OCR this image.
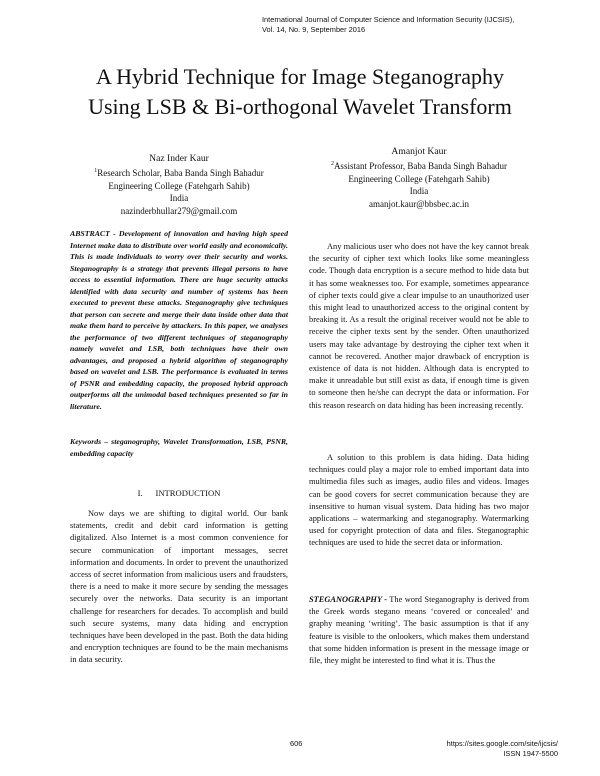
International Journal of Computer Science and Information Security (IJCSIS),
Vol. 14, No. 9, September 2016
A Hybrid Technique for Image Steganography
Using LSB & Bi-orthogonal Wavelet Transform
Naz Inder Kaur
$^1$Research Scholar, Baba Banda Singh Bahadur
Engineering College (Fatehgarh Sahib)
India
nazinderbhullar279@gmail.com
Amanjot Kaur
$^2$Assistant Professor, Baba Banda Singh Bahadur
Engineering College (Fatehgarh Sahib)
India
amanjot.kaur@bbsbec.ac.in

ABSTRACT - Development of innovation and having high speed Internet make data to distribute over world easily and economically. This is made individuals to worry over their security and works. Steganography is a strategy that prevents illegal persons to have access to essential information. There are huge security attacks identified with data security and number of systems has been executed to prevent these attacks. Steganography give techniques that person can secrete and merge their data inside other data that make them hard to perceive by attackers. In this paper, we analyses the performance of two different techniques of steganography namely wavelet and LSB, both techniques have their own advantages, and proposed a hybrid algorithm of steganography based on wavelet and LSB. The performance is evaluated in terms of PSNR and embedding capacity, the proposed hybrid approach outperforms all the unimodal based techniques presented so far in literature.

Keywords – steganography, Wavelet Transformation, LSB, PSNR, embedding capacity

I. INTRODUCTION

Now days we are shifting to digital world. Our bank statements, credit and debit card information is getting digitalized. Also Internet is a most common convenience for secure communication of important messages, secret information and documents. In order to prevent the unauthorized access of secret information from malicious users and fraudsters, there is a need to make it more secure by sending the messages securely over the networks. Data security is an important challenge for researchers for decades. To accomplish and build such secure systems, many data hiding and encryption techniques have been developed in the past. Both the data hiding and encryption techniques are found to be the main mechanisms in data security.

Any malicious user who does not have the key cannot break the security of cipher text which looks like some meaningless code. Though data encryption is a secure method to hide data but it has some weaknesses too. For example, sometimes appearance of cipher texts could give a clear impulse to an unauthorized user this might lead to unauthorized access to the original content by breaking it. As a result the original receiver would not be able to receive the cipher texts sent by the sender. Often unauthorized users may take advantage by destroying the cipher text when it cannot be recovered. Another major drawback of encryption is existence of data is not hidden. Although data is encrypted to make it unreadable but still exist as data, if enough time is given to someone then he/she can decrypt the data or information. For this reason research on data hiding has been increasing recently.

A solution to this problem is data hiding. Data hiding techniques could play a major role to embed important data into multimedia files such as images, audio files and videos. Images can be good covers for secret communication because they are insensitive to human visual system. Data hiding has two major applications – watermarking and steganography. Watermarking used for copyright protection of data and files. Steganographic techniques are used to hide the secret data or information.

STEGANOGRAPHY - The word Steganography is derived from the Greek words stegano means ‘covered or concealed’ and graphy meaning ‘writing’. The basic assumption is that if any feature is visible to the onlookers, which makes them understand that some hidden information is present in the message image or file, they might be interested to find what it is. Thus the

606	https://sites.google.com/site/ijcsis/
ISSN 1947-5500
